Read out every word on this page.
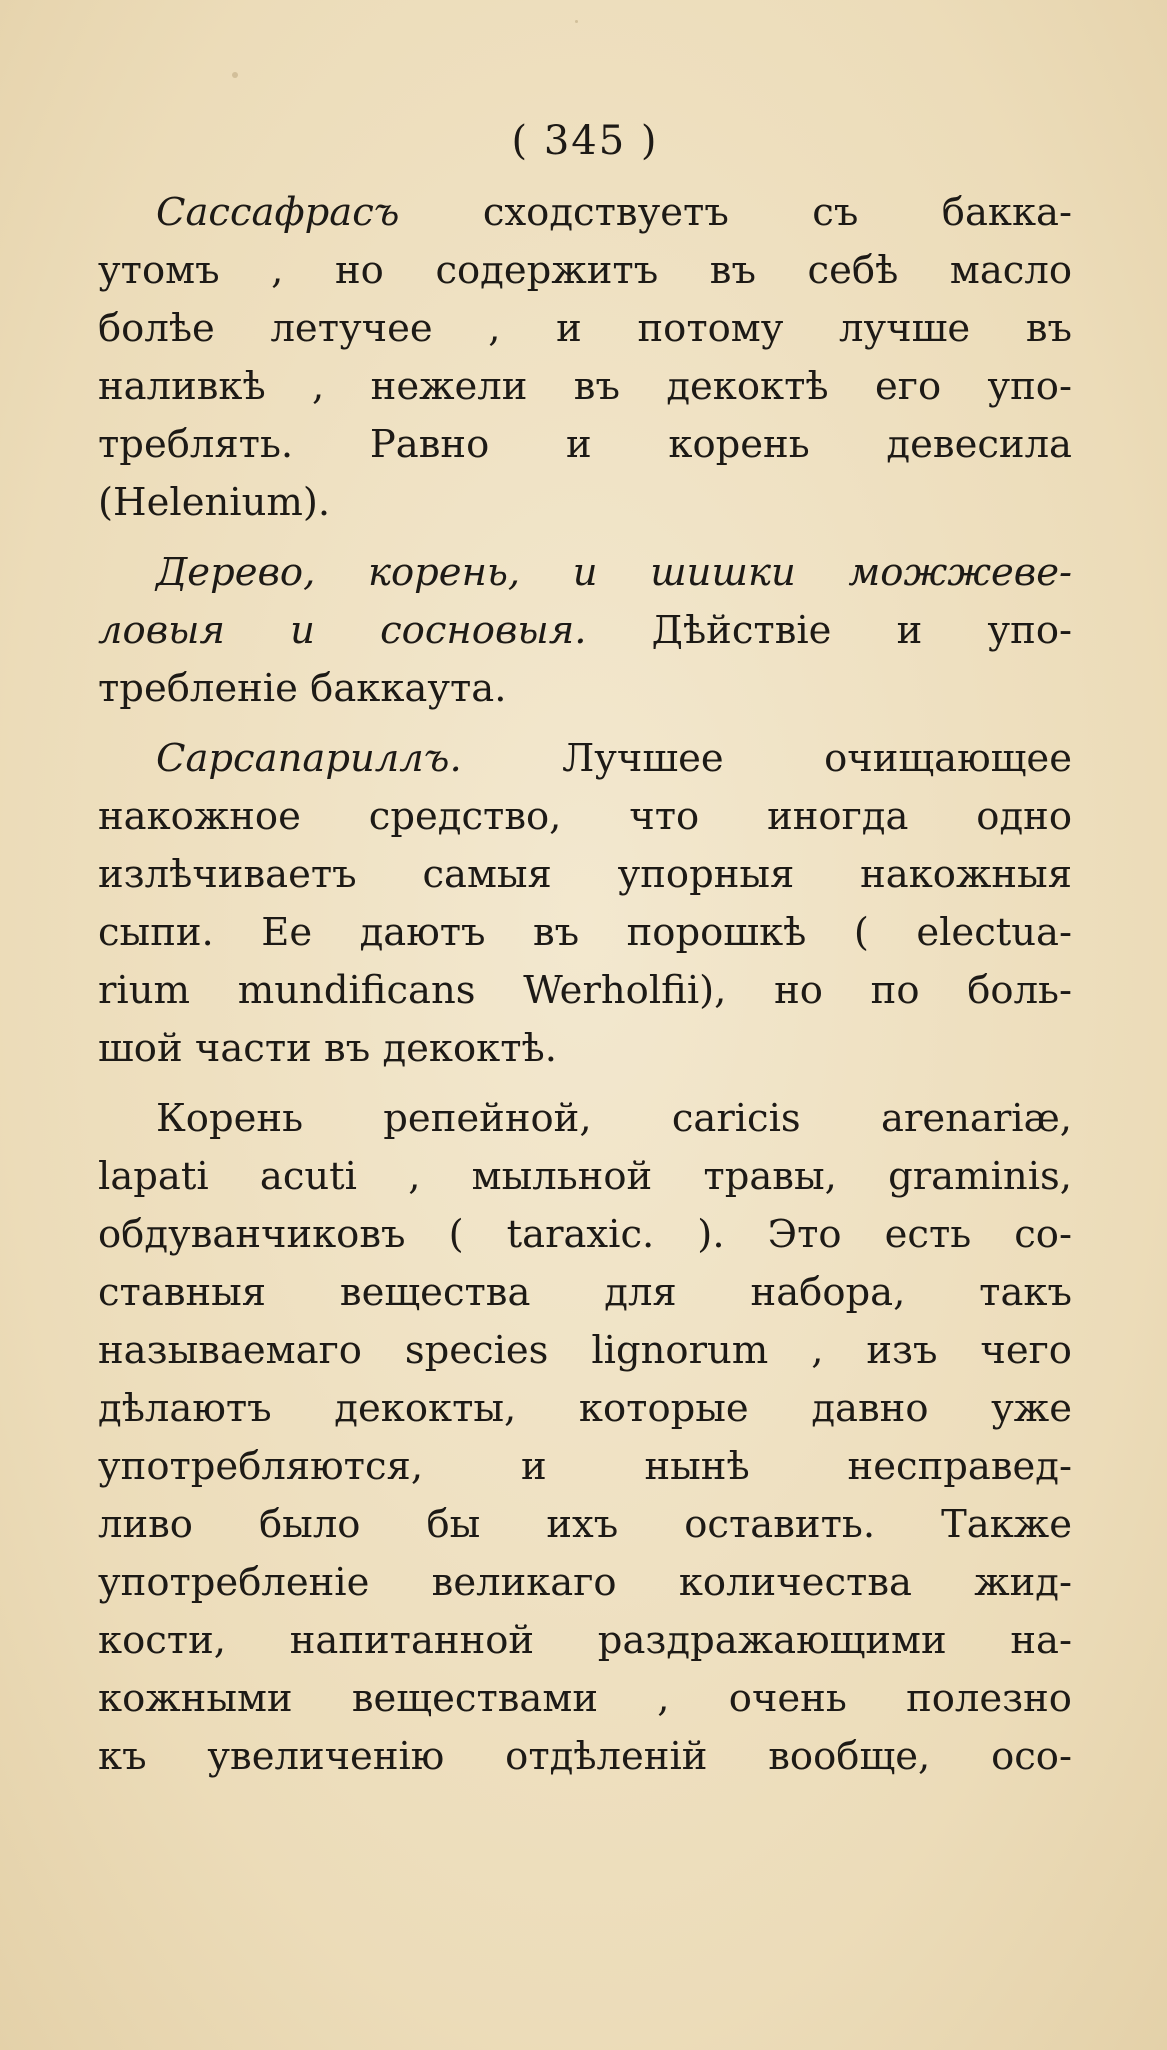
( 345 )
Сассафрасъ сходствуетъ съ бакка-
утомъ , но содержитъ въ себѣ масло
болѣе летучее , и потому лучше въ
наливкѣ , нежели въ декоктѣ его упо-
треблять. Равно и корень девесила
(Helenium).
Дерево, корень, и шишки можжеве-
ловыя и сосновыя. Дѣйствiе и упо-
требленiе баккаута.
Сарсапариллъ. Лучшее очищающее
накожное средство, что иногда одно
излѣчиваетъ самыя упорныя накожныя
сыпи. Ее даютъ въ порошкѣ ( electua-
rium mundificans Werholfii), но по боль-
шой части въ декоктѣ.
Корень репейной, caricis arenariæ,
lapati acuti , мыльной травы, graminis,
обдуванчиковъ ( taraxic. ). Это есть со-
ставныя вещества для набора, такъ
называемаго species lignorum , изъ чего
дѣлаютъ декокты, которые давно уже
употребляются, и нынѣ несправед-
ливо было бы ихъ оставить. Также
употребленiе великаго количества жид-
кости, напитанной раздражающими на-
кожными веществами , очень полезно
къ увеличенiю отдѣленiй вообще, осо-
